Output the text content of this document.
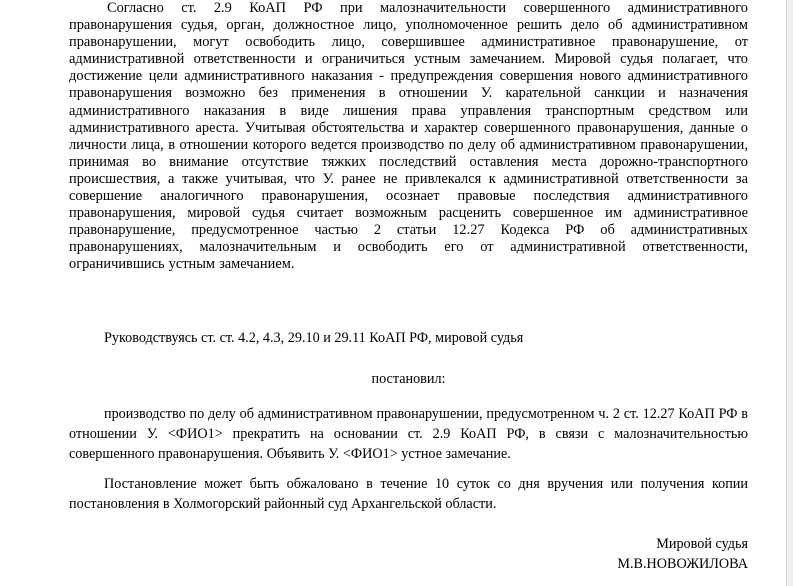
Согласно ст. 2.9 КоАП РФ при малозначительности совершенного административного правонарушения судья, орган, должностное лицо, уполномоченное решить дело об административном правонарушении, могут освободить лицо, совершившее административное правонарушение, от административной ответственности и ограничиться устным замечанием. Мировой судья полагает, что достижение цели административного наказания - предупреждения совершения нового административного правонарушения возможно без применения в отношении У. карательной санкции и назначения административного наказания в виде лишения права управления транспортным средством или административного ареста. Учитывая обстоятельства и характер совершенного правонарушения, данные о личности лица, в отношении которого ведется производство по делу об административном правонарушении, принимая во внимание отсутствие тяжких последствий оставления места дорожно-транспортного происшествия, а также учитывая, что У. ранее не привлекался к административной ответственности за совершение аналогичного правонарушения, осознает правовые последствия административного правонарушения, мировой судья считает возможным расценить совершенное им административное правонарушение, предусмотренное частью 2 статьи 12.27 Кодекса РФ об административных правонарушениях, малозначительным и освободить его от административной ответственности, ограничившись устным замечанием.

Руководствуясь ст. ст. 4.2, 4.3, 29.10 и 29.11 КоАП РФ, мировой судья

постановил:

производство по делу об административном правонарушении, предусмотренном ч. 2 ст. 12.27 КоАП РФ в отношении У. <ФИО1> прекратить на основании ст. 2.9 КоАП РФ, в связи с малозначительностью совершенного правонарушения. Объявить У. <ФИО1> устное замечание.

Постановление может быть обжаловано в течение 10 суток со дня вручения или получения копии постановления в Холмогорский районный суд Архангельской области.

Мировой судья
М.В.НОВОЖИЛОВА
